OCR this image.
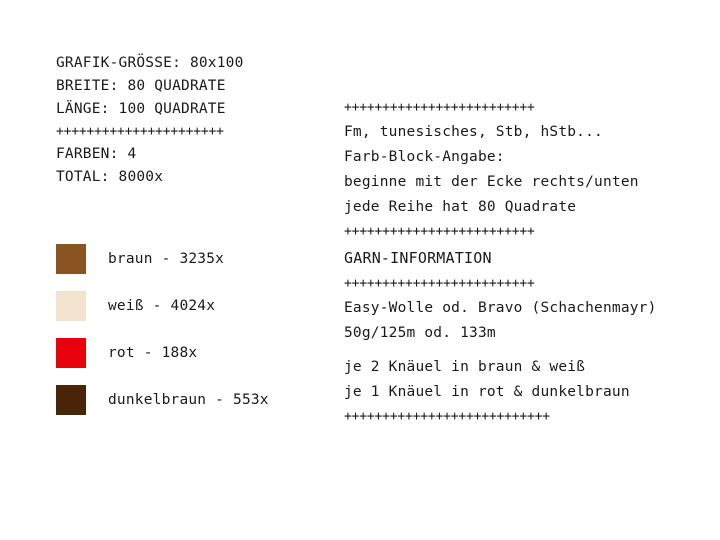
GRAFIK-GRÖSSE: 80x100
BREITE: 80 QUADRATE
LÄNGE: 100 QUADRATE
++++++++++++++++++++++
FARBEN: 4
TOTAL: 8000x
braun - 3235x
weiß - 4024x
rot - 188x
dunkelbraun - 553x
+++++++++++++++++++++++++
Fm, tunesisches, Stb, hStb...
Farb-Block-Angabe:
beginne mit der Ecke rechts/unten
jede Reihe hat 80 Quadrate
+++++++++++++++++++++++++
GARN-INFORMATION
+++++++++++++++++++++++++
Easy-Wolle od. Bravo (Schachenmayr)
50g/125m od. 133m
je 2 Knäuel in braun & weiß
je 1 Knäuel in rot & dunkelbraun
+++++++++++++++++++++++++++
